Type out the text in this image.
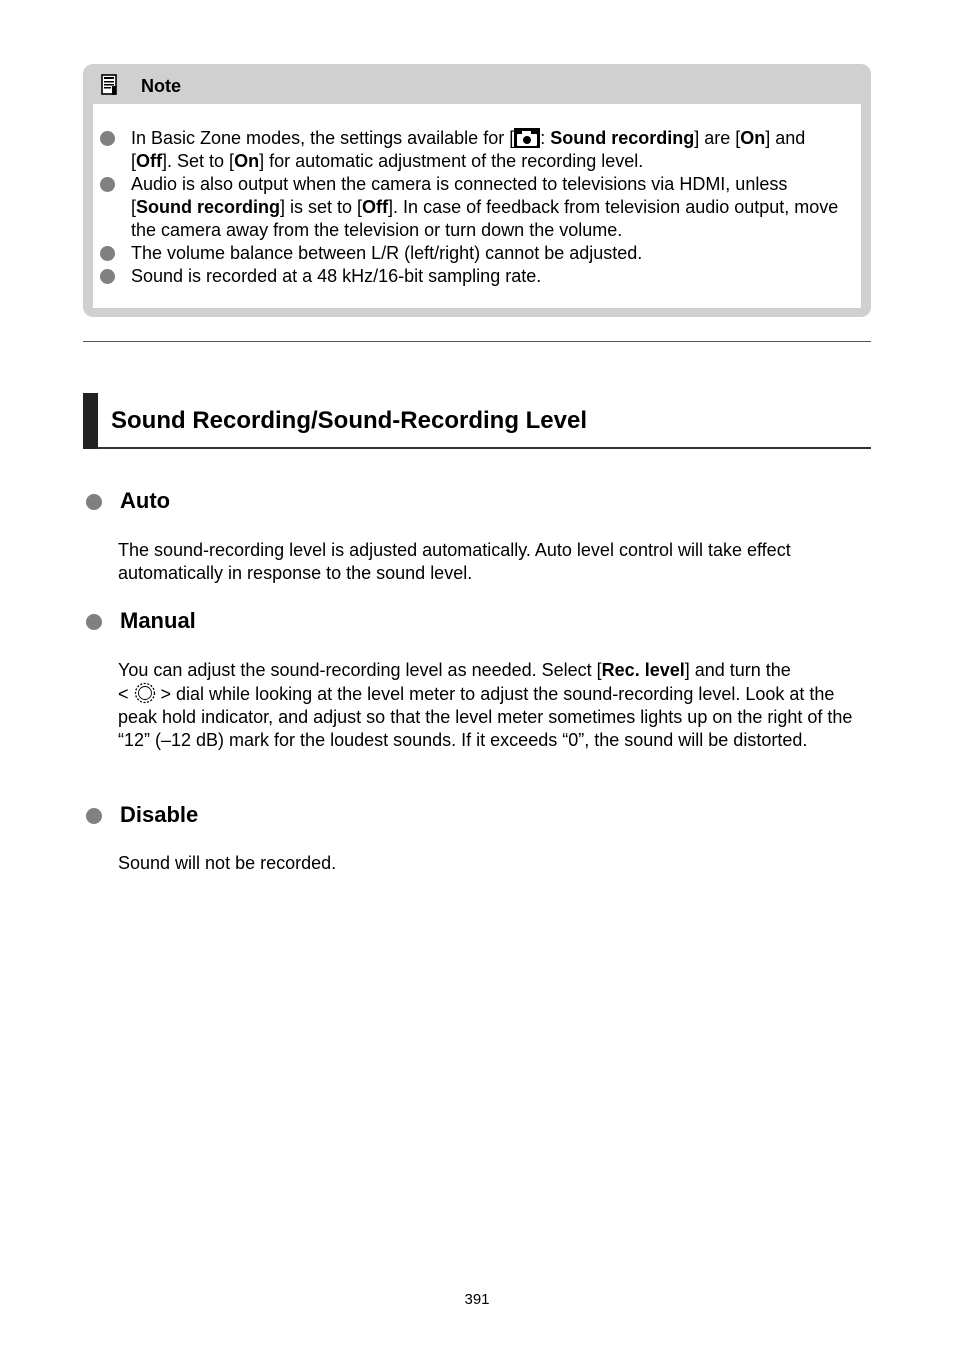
Note
In Basic Zone modes, the settings available for [ : Sound recording] are [On] and [Off]. Set to [On] for automatic adjustment of the recording level.
Audio is also output when the camera is connected to televisions via HDMI, unless [Sound recording] is set to [Off]. In case of feedback from television audio output, move the camera away from the television or turn down the volume.
The volume balance between L/R (left/right) cannot be adjusted.
Sound is recorded at a 48 kHz/16-bit sampling rate.
Sound Recording/Sound-Recording Level
Auto
The sound-recording level is adjusted automatically. Auto level control will take effect automatically in response to the sound level.
Manual
You can adjust the sound-recording level as needed. Select [Rec. level] and turn the
<  > dial while looking at the level meter to adjust the sound-recording level. Look at the peak hold indicator, and adjust so that the level meter sometimes lights up on the right of the “12” (–12 dB) mark for the loudest sounds. If it exceeds “0”, the sound will be distorted.
Disable
Sound will not be recorded.
391
